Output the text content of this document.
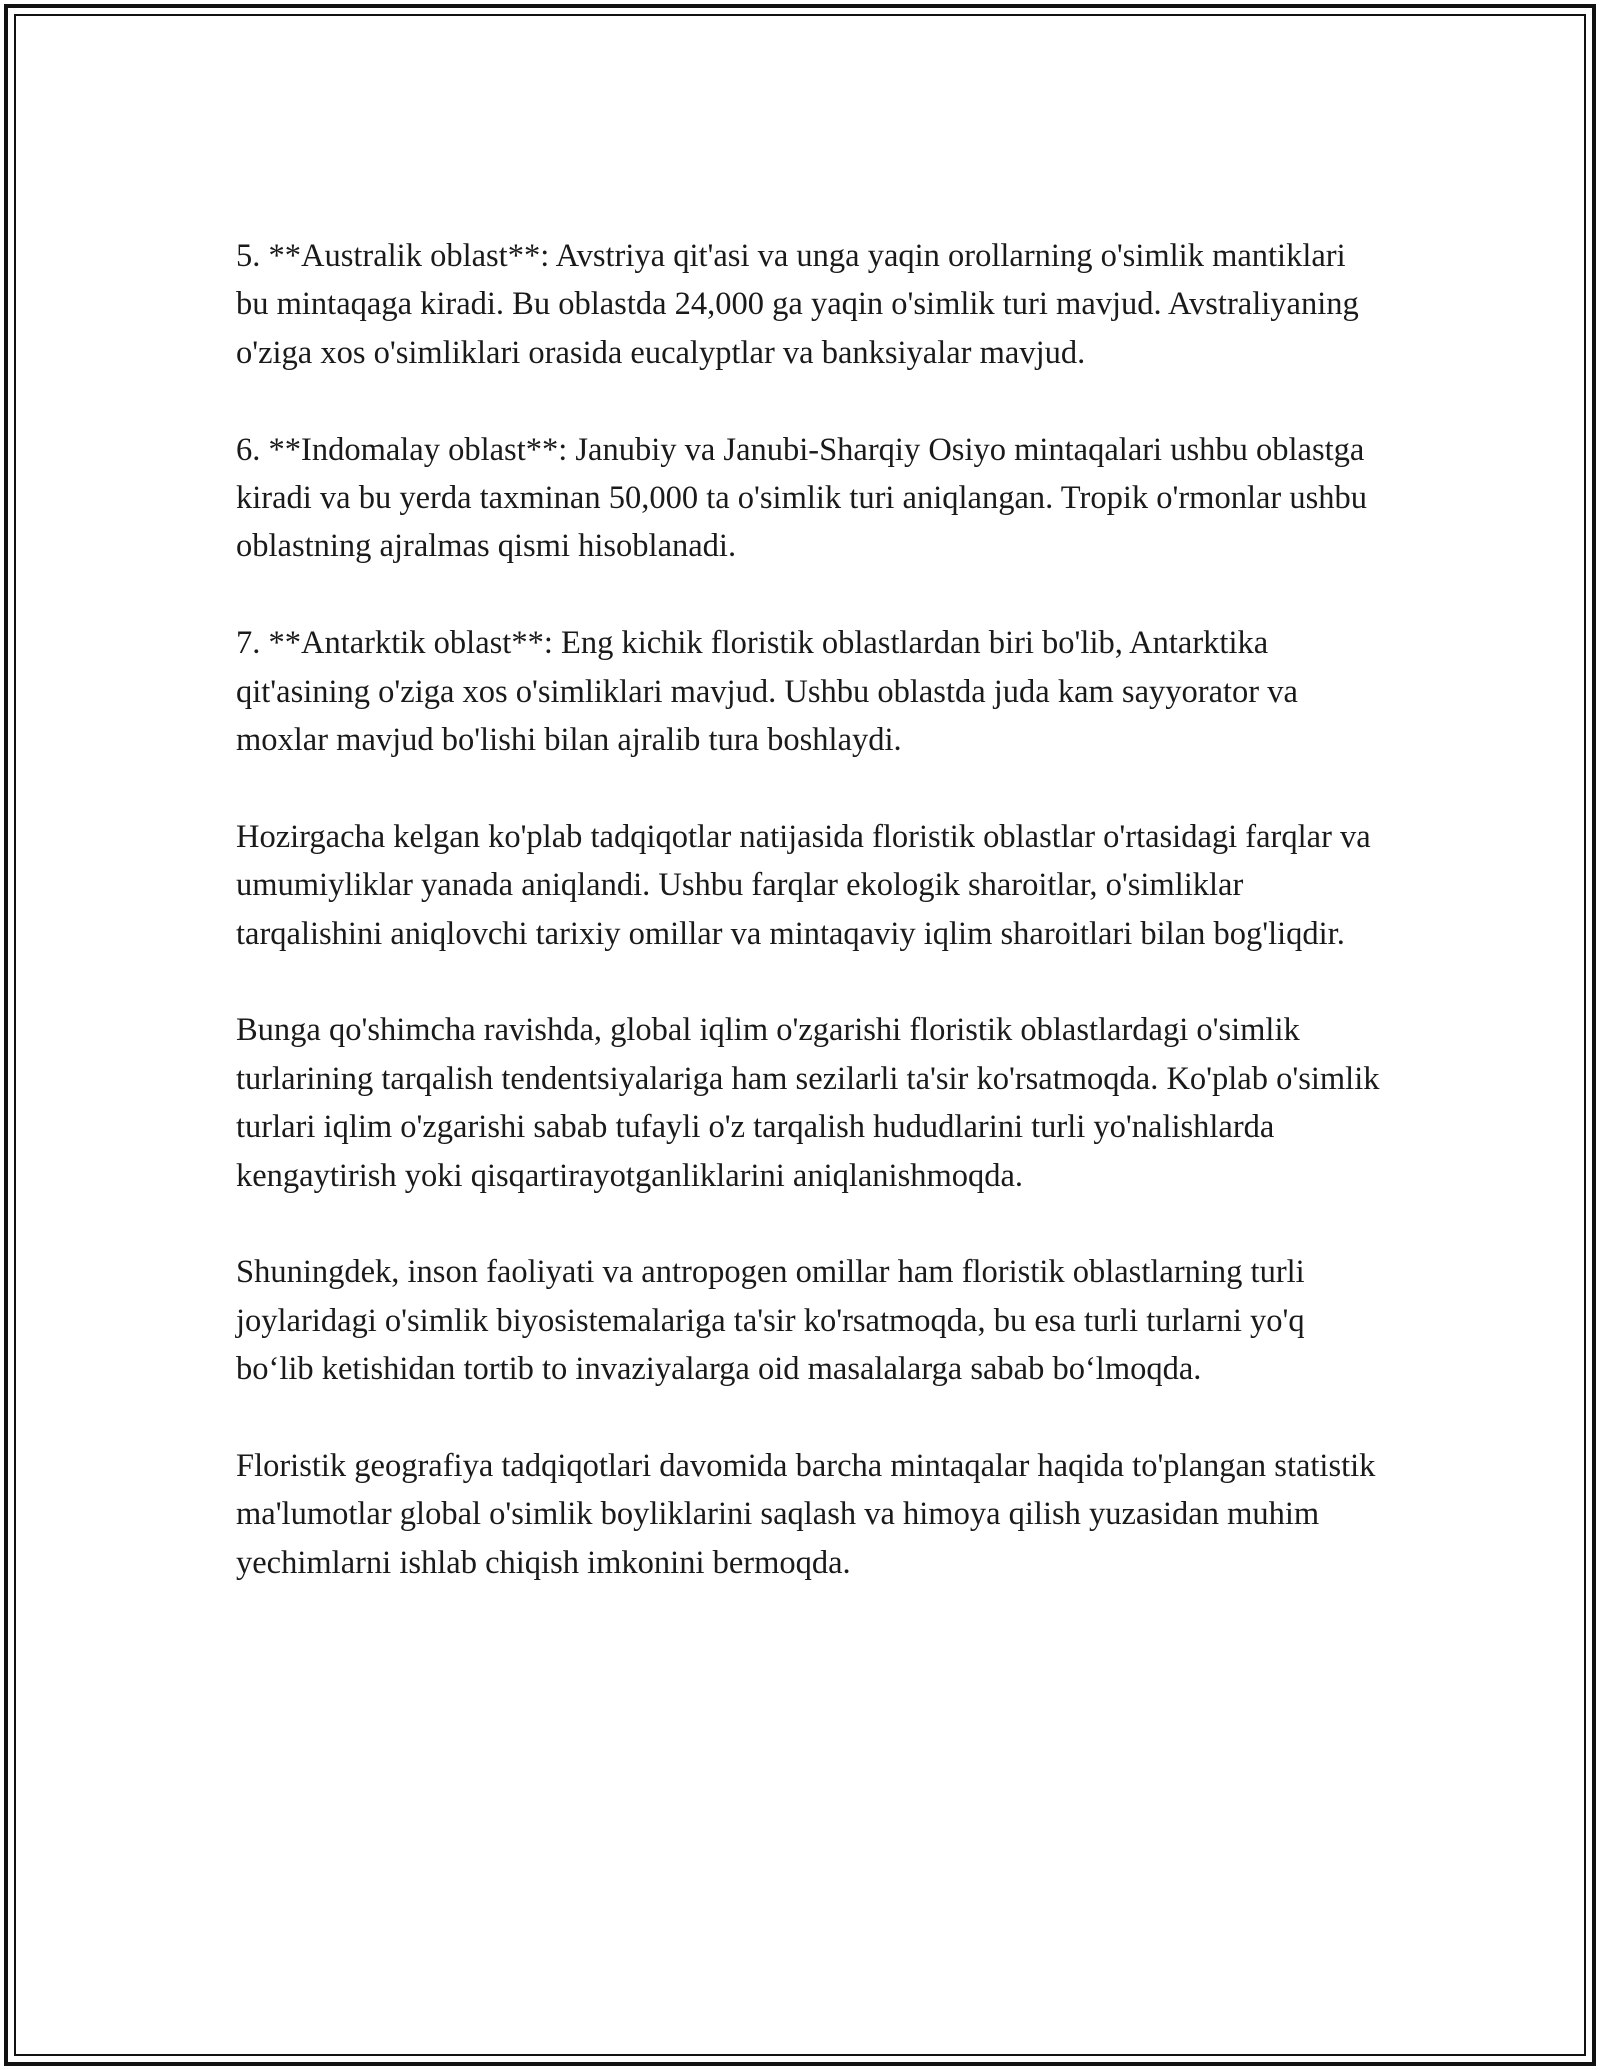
5. **Australik oblast**: Avstriya qit'asi va unga yaqin orollarning o'simlik mantiklari bu mintaqaga kiradi. Bu oblastda 24,000 ga yaqin o'simlik turi mavjud. Avstraliyaning o'ziga xos o'simliklari orasida eucalyptlar va banksiyalar mavjud.

6. **Indomalay oblast**: Janubiy va Janubi-Sharqiy Osiyo mintaqalari ushbu oblastga kiradi va bu yerda taxminan 50,000 ta o'simlik turi aniqlangan. Tropik o'rmonlar ushbu oblastning ajralmas qismi hisoblanadi.

7. **Antarktik oblast**: Eng kichik floristik oblastlardan biri bo'lib, Antarktika qit'asining o'ziga xos o'simliklari mavjud. Ushbu oblastda juda kam sayyorator va moxlar mavjud bo'lishi bilan ajralib tura boshlaydi.

Hozirgacha kelgan ko'plab tadqiqotlar natijasida floristik oblastlar o'rtasidagi farqlar va umumiyliklar yanada aniqlandi. Ushbu farqlar ekologik sharoitlar, o'simliklar tarqalishini aniqlovchi tarixiy omillar va mintaqaviy iqlim sharoitlari bilan bog'liqdir.

Bunga qo'shimcha ravishda, global iqlim o'zgarishi floristik oblastlardagi o'simlik turlarining tarqalish tendentsiyalariga ham sezilarli ta'sir ko'rsatmoqda. Ko'plab o'simlik turlari iqlim o'zgarishi sabab tufayli o'z tarqalish hududlarini turli yo'nalishlarda kengaytirish yoki qisqartirayotganliklarini aniqlanishmoqda.

Shuningdek, inson faoliyati va antropogen omillar ham floristik oblastlarning turli joylaridagi o'simlik biyosistemalariga ta'sir ko'rsatmoqda, bu esa turli turlarni yo'q bo‘lib ketishidan tortib to invaziyalarga oid masalalarga sabab bo‘lmoqda.

Floristik geografiya tadqiqotlari davomida barcha mintaqalar haqida to'plangan statistik ma'lumotlar global o'simlik boyliklarini saqlash va himoya qilish yuzasidan muhim yechimlarni ishlab chiqish imkonini bermoqda.
